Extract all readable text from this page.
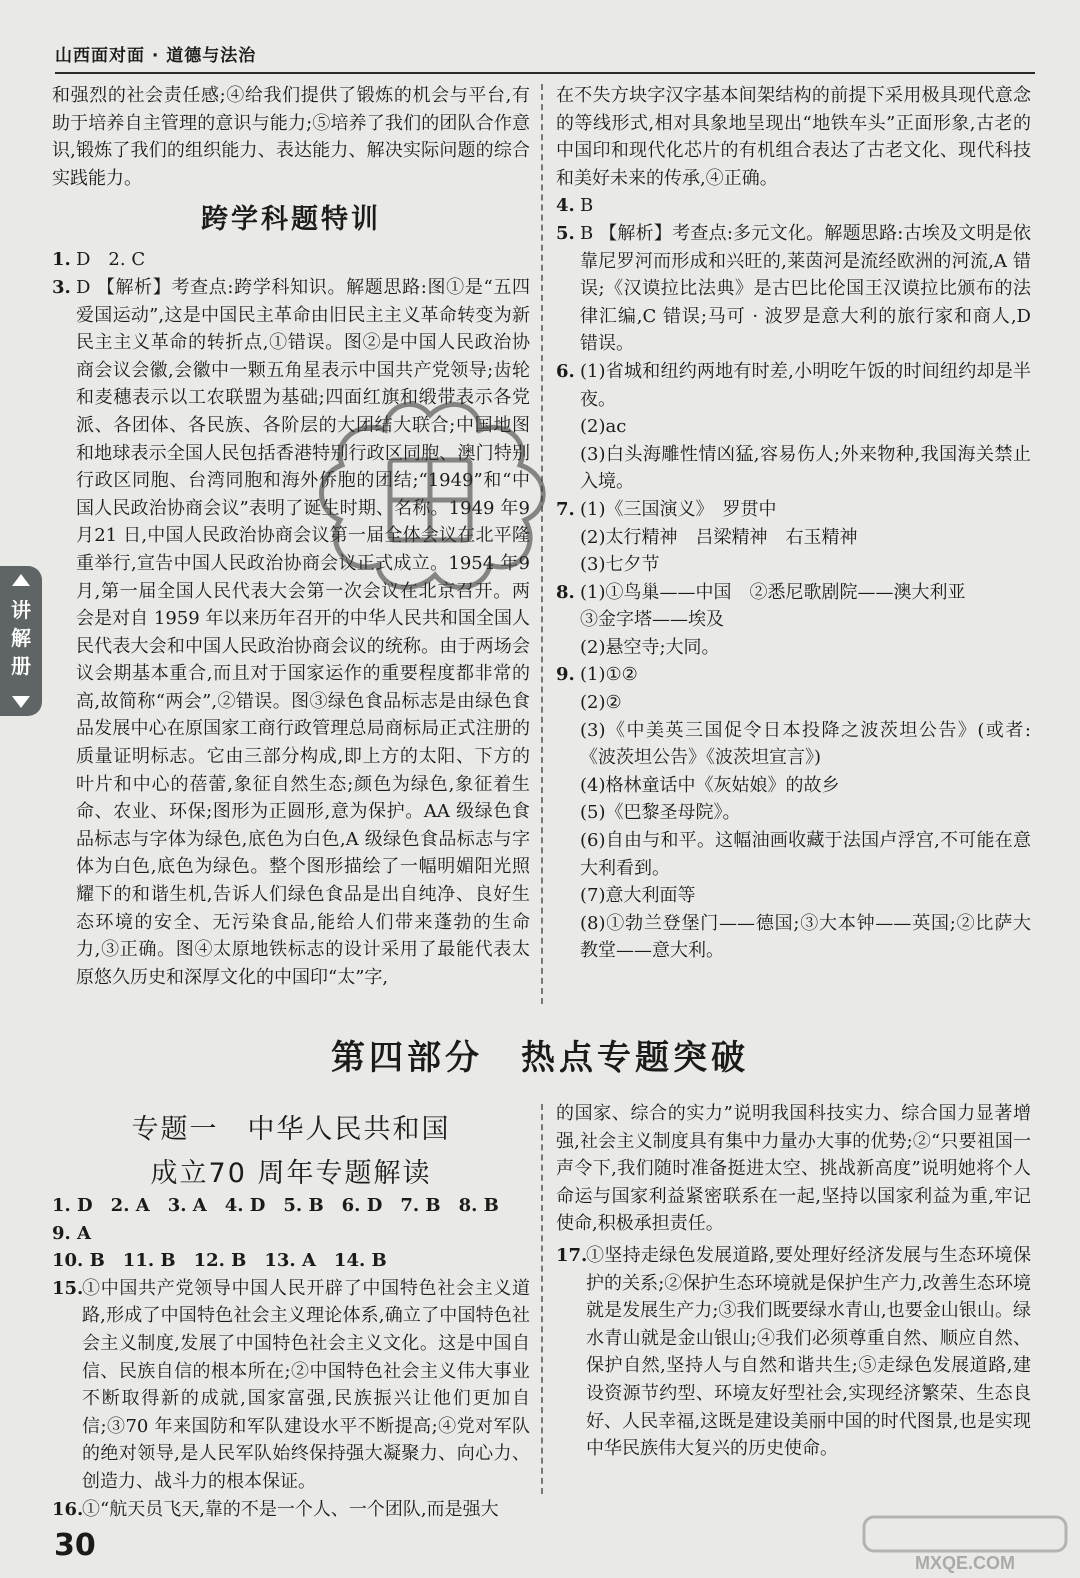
山西面对面 · 道德与法治

和强烈的社会责任感;④给我们提供了锻炼的机会与平台,有助于培养自主管理的意识与能力;⑤培养了我们的团队合作意识,锻炼了我们的组织能力、表达能力、解决实际问题的综合实践能力。

跨学科题特训
1. D　2. C
3. D 【解析】考查点:跨学科知识。解题思路:图①是“五四爱国运动”,这是中国民主革命由旧民主主义革命转变为新民主主义革命的转折点,①错误。图②是中国人民政治协商会议会徽,会徽中一颗五角星表示中国共产党领导;齿轮和麦穗表示以工农联盟为基础;四面红旗和缎带表示各党派、各团体、各民族、各阶层的大团结大联合;中国地图和地球表示全国人民包括香港特别行政区同胞、澳门特别行政区同胞、台湾同胞和海外侨胞的团结;“1949”和“中国人民政治协商会议”表明了诞生时期、名称。1949 年9月21 日,中国人民政治协商会议第一届全体会议在北平隆重举行,宣告中国人民政治协商会议正式成立。1954 年9月,第一届全国人民代表大会第一次会议在北京召开。两会是对自 1959 年以来历年召开的中华人民共和国全国人民代表大会和中国人民政治协商会议的统称。由于两场会议会期基本重合,而且对于国家运作的重要程度都非常的高,故简称“两会”,②错误。图③绿色食品标志是由绿色食品发展中心在原国家工商行政管理总局商标局正式注册的质量证明标志。它由三部分构成,即上方的太阳、下方的叶片和中心的蓓蕾,象征自然生态;颜色为绿色,象征着生命、农业、环保;图形为正圆形,意为保护。AA 级绿色食品标志与字体为绿色,底色为白色,A 级绿色食品标志与字体为白色,底色为绿色。整个图形描绘了一幅明媚阳光照耀下的和谐生机,告诉人们绿色食品是出自纯净、良好生态环境的安全、无污染食品,能给人们带来蓬勃的生命力,③正确。图④太原地铁标志的设计采用了最能代表太原悠久历史和深厚文化的中国印“太”字,

在不失方块字汉字基本间架结构的前提下采用极具现代意念的等线形式,相对具象地呈现出“地铁车头”正面形象,古老的中国印和现代化芯片的有机组合表达了古老文化、现代科技和美好未来的传承,④正确。

4. B
5. B 【解析】考查点:多元文化。解题思路:古埃及文明是依靠尼罗河而形成和兴旺的,莱茵河是流经欧洲的河流,A 错误;《汉谟拉比法典》是古巴比伦国王汉谟拉比颁布的法律汇编,C 错误;马可 · 波罗是意大利的旅行家和商人,D 错误。

6. (1)省城和纽约两地有时差,小明吃午饭的时间纽约却是半夜。

(2)ac

(3)白头海雕性情凶猛,容易伤人;外来物种,我国海关禁止入境。

7. (1)《三国演义》　罗贯中

(2)太行精神　吕梁精神　右玉精神

(3)七夕节

8. (1)①鸟巢——中国　②悉尼歌剧院——澳大利亚

③金字塔——埃及

(2)悬空寺;大同。

9. (1)①②

(2)②

(3)《中美英三国促令日本投降之波茨坦公告》(或者:《波茨坦公告》《波茨坦宣言》)

(4)格林童话中《灰姑娘》的故乡

(5)《巴黎圣母院》。

(6)自由与和平。这幅油画收藏于法国卢浮宫,不可能在意大利看到。

(7)意大利面等

(8)①勃兰登堡门——德国;③大本钟——英国;②比萨大教堂——意大利。

第四部分　热点专题突破
专题一　中华人民共和国
成立70 周年专题解读
1. D　2. A　3. A　4. D　5. B　6. D　7. B　8. B　9. A
10. B　11. B　12. B　13. A　14. B
15.

①中国共产党领导中国人民开辟了中国特色社会主义道路,形成了中国特色社会主义理论体系,确立了中国特色社会主义制度,发展了中国特色社会主义文化。这是中国自信、民族自信的根本所在;②中国特色社会主义伟大事业不断取得新的成就,国家富强,民族振兴让他们更加自信;③70 年来国防和军队建设水平不断提高;④党对军队的绝对领导,是人民军队始终保持强大凝聚力、向心力、创造力、战斗力的根本保证。

16.

①“航天员飞天,靠的不是一个人、一个团队,而是强大

的国家、综合的实力”说明我国科技实力、综合国力显著增强,社会主义制度具有集中力量办大事的优势;②“只要祖国一声令下,我们随时准备挺进太空、挑战新高度”说明她将个人命运与国家利益紧密联系在一起,坚持以国家利益为重,牢记使命,积极承担责任。

17.

①坚持走绿色发展道路,要处理好经济发展与生态环境保护的关系;②保护生态环境就是保护生产力,改善生态环境就是发展生产力;③我们既要绿水青山,也要金山银山。绿水青山就是金山银山;④我们必须尊重自然、顺应自然、保护自然,坚持人与自然和谐共生;⑤走绿色发展道路,建设资源节约型、环境友好型社会,实现经济繁荣、生态良好、人民幸福,这既是建设美丽中国的时代图景,也是实现中华民族伟大复兴的历史使命。

讲
解
册
30	MXQE.COM
